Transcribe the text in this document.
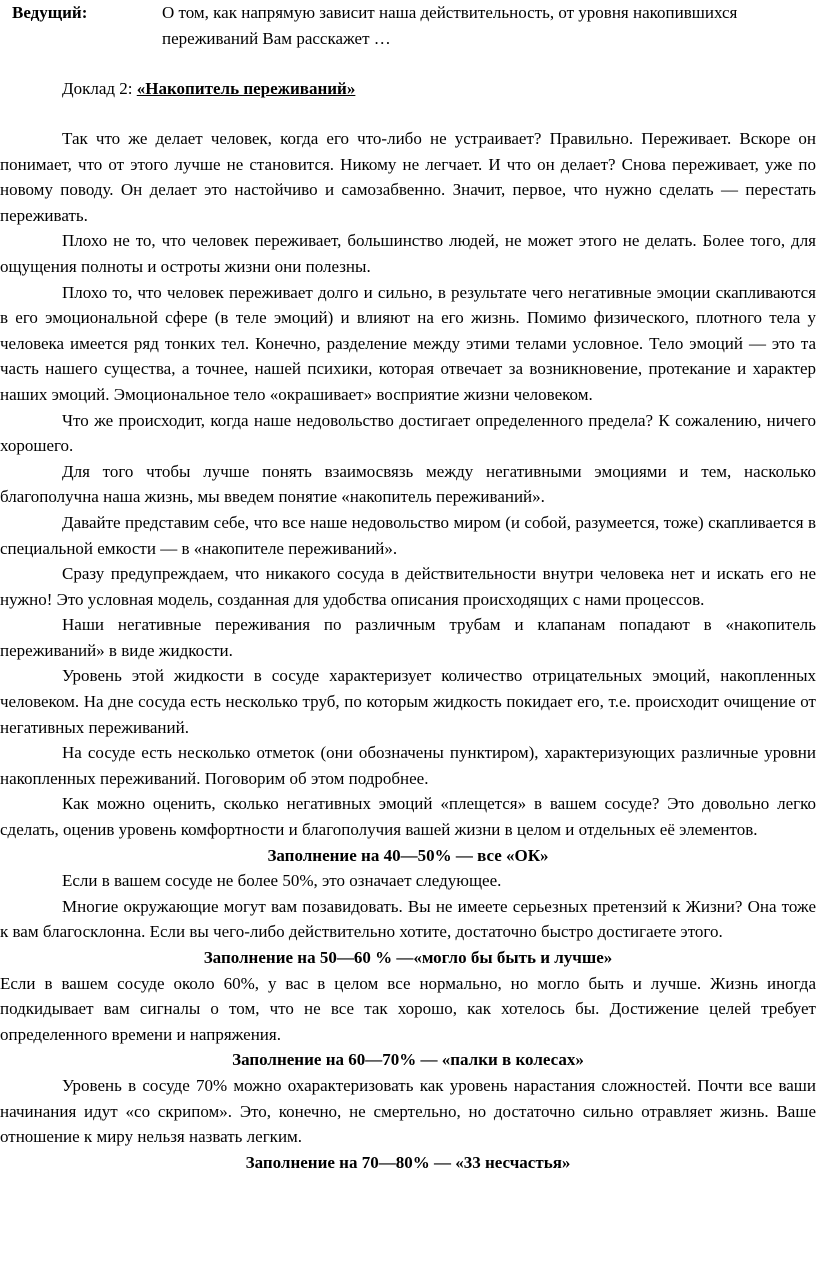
Ведущий:	О том, как напрямую зависит наша действительность, от уровня накопившихся переживаний Вам расскажет …
Доклад 2: «Накопитель переживаний»

Так что же делает человек, когда его что-либо не устраивает? Правильно. Переживает. Вскоре он понимает, что от этого лучше не становится. Никому не легчает. И что он делает? Снова переживает, уже по новому поводу. Он делает это настойчиво и самозабвенно. Значит, первое, что нужно сделать — перестать переживать.

Плохо не то, что человек переживает, большинство людей, не может этого не делать. Более того, для ощущения полноты и остроты жизни они полезны.

Плохо то, что человек переживает долго и сильно, в результате чего негативные эмоции скапливаются в его эмоциональной сфере (в теле эмоций) и влияют на его жизнь. Помимо физического, плотного тела у человека имеется ряд тонких тел. Конечно, разделение между этими телами условное. Тело эмоций — это та часть нашего существа, а точнее, нашей психики, которая отвечает за возникновение, протекание и характер наших эмоций. Эмоциональное тело «окрашивает» восприятие жизни человеком.

Что же происходит, когда наше недовольство достигает определенного предела? К сожалению, ничего хорошего.

Для того чтобы лучше понять взаимосвязь между негативными эмоциями и тем, насколько благополучна наша жизнь, мы введем понятие «накопитель переживаний».

Давайте представим себе, что все наше недовольство миром (и собой, разумеется, тоже) скапливается в специальной емкости — в «накопителе переживаний».

Сразу предупреждаем, что никакого сосуда в действительности внутри человека нет и искать его не нужно! Это условная модель, созданная для удобства описания происходящих с нами процессов.

Наши негативные переживания по различным трубам и клапанам попадают в «накопитель переживаний» в виде жидкости.

Уровень этой жидкости в сосуде характеризует количество отрицательных эмоций, накопленных человеком. На дне сосуда есть несколько труб, по которым жидкость покидает его, т.е. происходит очищение от негативных переживаний.

На сосуде есть несколько отметок (они обозначены пунктиром), характеризующих различные уровни накопленных переживаний. Поговорим об этом подробнее.

Как можно оценить, сколько негативных эмоций «плещется» в вашем сосуде? Это довольно легко сделать, оценив уровень комфортности и благополучия вашей жизни в целом и отдельных её элементов.

Заполнение на 40—50% — все «ОК»

Если в вашем сосуде не более 50%, это означает следующее.

Многие окружающие могут вам позавидовать. Вы не имеете серьезных претензий к Жизни? Она тоже к вам благосклонна. Если вы чего-либо действительно хотите, достаточно быстро достигаете этого.

Заполнение на 50—60 % —«могло бы быть и лучше»

Если в вашем сосуде около 60%, у вас в целом все нормально, но могло быть и лучше. Жизнь иногда подкидывает вам сигналы о том, что не все так хорошо, как хотелось бы. Достижение целей требует определенного времени и напряжения.

Заполнение на 60—70% — «палки в колесах»

Уровень в сосуде 70% можно охарактеризовать как уровень нарастания сложностей. Почти все ваши начинания идут «со скрипом». Это, конечно, не смертельно, но достаточно сильно отравляет жизнь. Ваше отношение к миру нельзя назвать легким.

Заполнение на 70—80% — «33 несчастья»
